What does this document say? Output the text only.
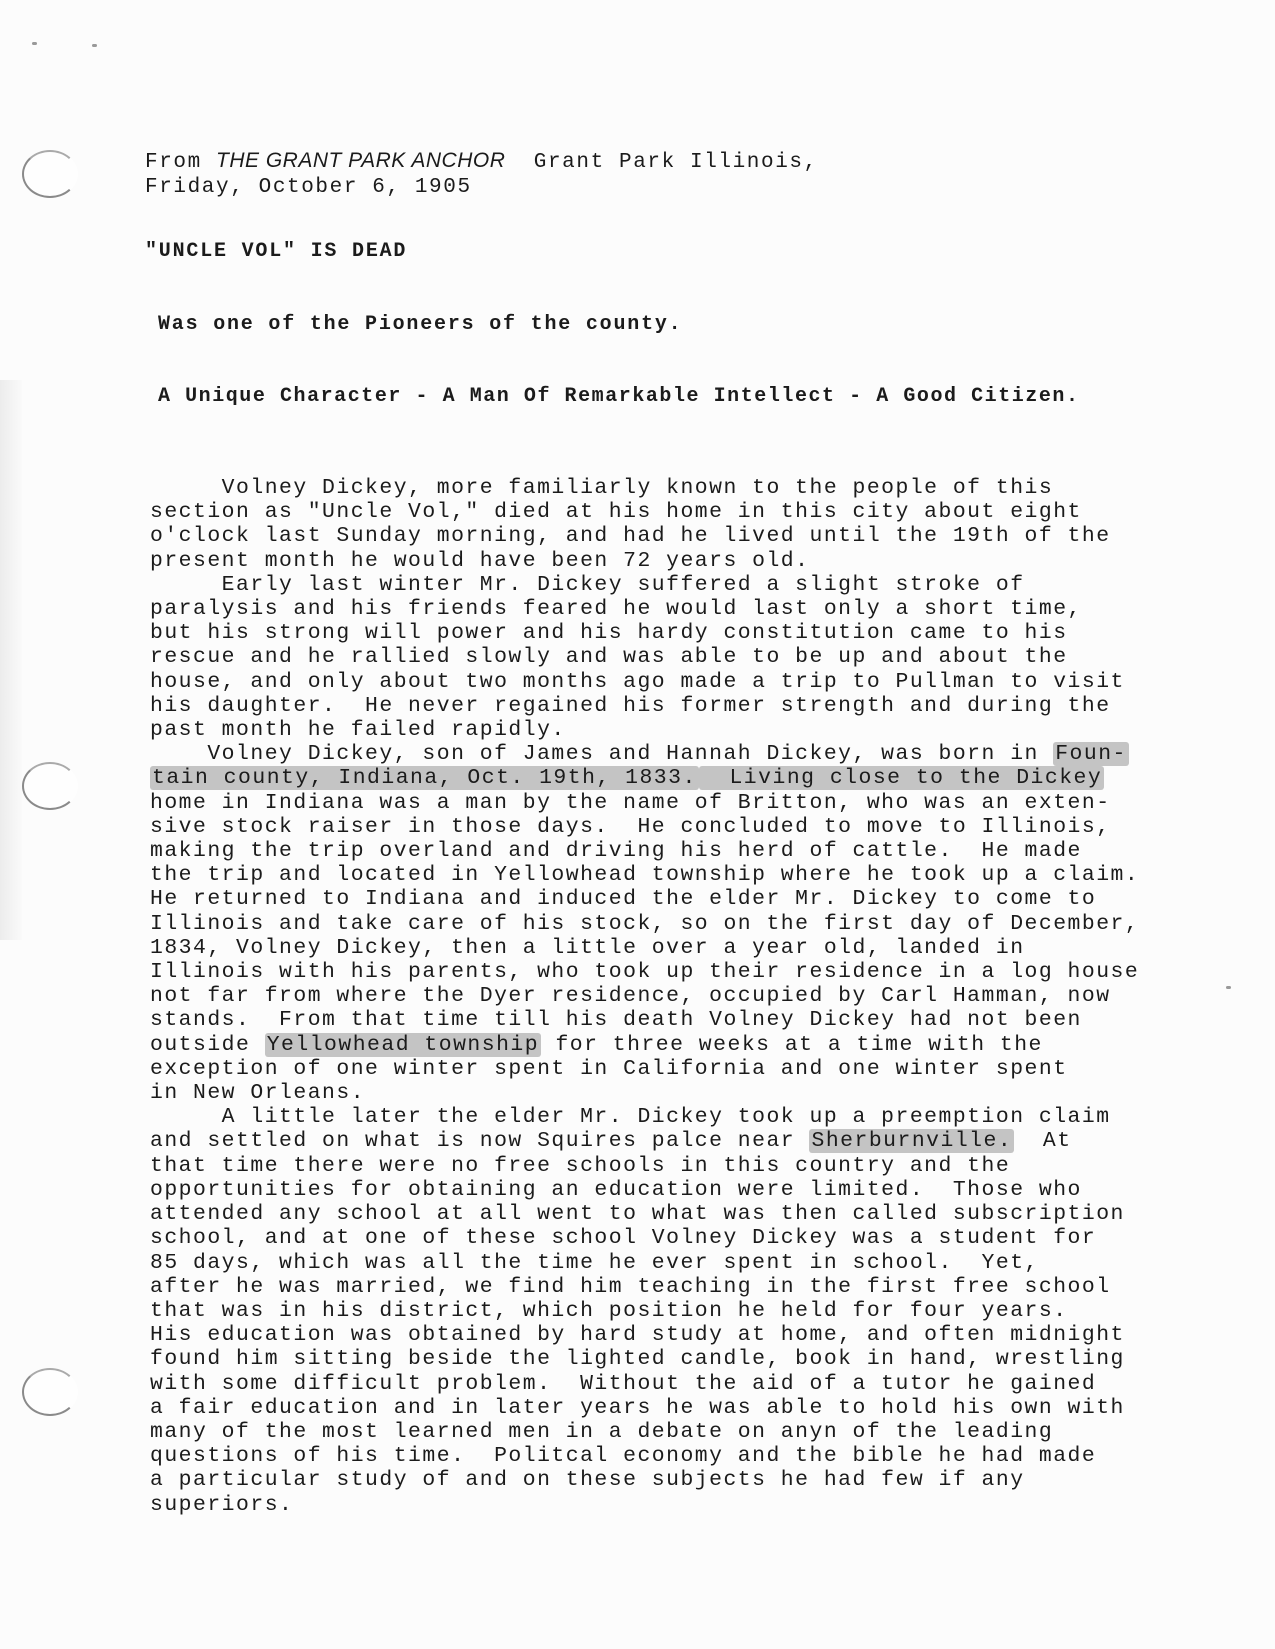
From THE GRANT PARK ANCHOR Grant Park Illinois,
Friday, October 6, 1905
"UNCLE VOL" IS DEAD
Was one of the Pioneers of the county.
A Unique Character - A Man Of Remarkable Intellect - A Good Citizen.
Volney Dickey, more familiarly known to the people of this
section as "Uncle Vol," died at his home in this city about eight
o'clock last Sunday morning, and had he lived until the 19th of the
present month he would have been 72 years old.
Early last winter Mr. Dickey suffered a slight stroke of
paralysis and his friends feared he would last only a short time,
but his strong will power and his hardy constitution came to his
rescue and he rallied slowly and was able to be up and about the
house, and only about two months ago made a trip to Pullman to visit
his daughter.  He never regained his former strength and during the
past month he failed rapidly.
Volney Dickey, son of James and Hannah Dickey, was born in Foun-
tain county, Indiana, Oct. 19th, 1833.  Living close to the Dickey
home in Indiana was a man by the name of Britton, who was an exten-
sive stock raiser in those days.  He concluded to move to Illinois,
making the trip overland and driving his herd of cattle.  He made
the trip and located in Yellowhead township where he took up a claim.
He returned to Indiana and induced the elder Mr. Dickey to come to
Illinois and take care of his stock, so on the first day of December,
1834, Volney Dickey, then a little over a year old, landed in
Illinois with his parents, who took up their residence in a log house
not far from where the Dyer residence, occupied by Carl Hamman, now
stands.  From that time till his death Volney Dickey had not been
outside Yellowhead township for three weeks at a time with the
exception of one winter spent in California and one winter spent
in New Orleans.
A little later the elder Mr. Dickey took up a preemption claim
and settled on what is now Squires palce near Sherburnville.  At
that time there were no free schools in this country and the
opportunities for obtaining an education were limited.  Those who
attended any school at all went to what was then called subscription
school, and at one of these school Volney Dickey was a student for
85 days, which was all the time he ever spent in school.  Yet,
after he was married, we find him teaching in the first free school
that was in his district, which position he held for four years.
His education was obtained by hard study at home, and often midnight
found him sitting beside the lighted candle, book in hand, wrestling
with some difficult problem.  Without the aid of a tutor he gained
a fair education and in later years he was able to hold his own with
many of the most learned men in a debate on anyn of the leading
questions of his time.  Politcal economy and the bible he had made
a particular study of and on these subjects he had few if any
superiors.
